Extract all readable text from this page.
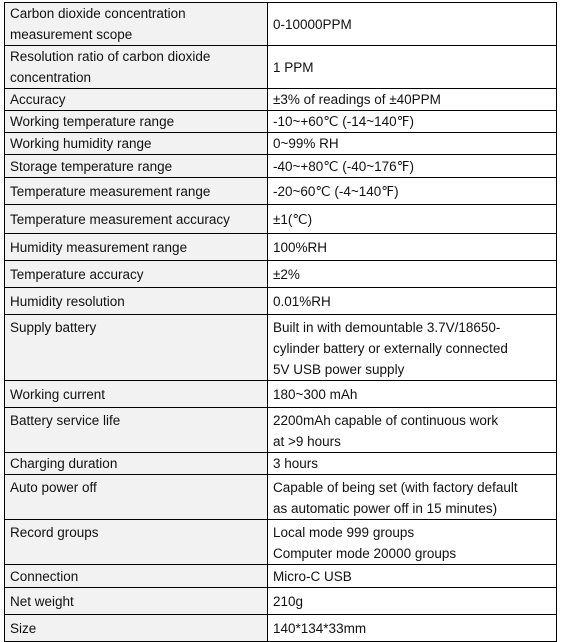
Carbon dioxide concentration
measurement scope	0-10000PPM

Resolution ratio of carbon dioxide
concentration	1 PPM

Accuracy	±3% of readings of ±40PPM

Working temperature range	-10~+60℃ (-14~140℉)

Working humidity range	0~99% RH

Storage temperature range	-40~+80℃ (-40~176℉)

Temperature measurement range	-20~60℃ (-4~140℉)

Temperature measurement accuracy	±1(℃)

Humidity measurement range	100%RH

Temperature accuracy	±2%

Humidity resolution	0.01%RH

Supply battery	Built in with demountable 3.7V/18650-
cylinder battery or externally connected
5V USB power supply

Working current	180~300 mAh

Battery service life	2200mAh capable of continuous work
at >9 hours

Charging duration	3 hours

Auto power off	Capable of being set (with factory default
as automatic power off in 15 minutes)

Record groups	Local mode 999 groups
Computer mode 20000 groups

Connection	Micro-C USB

Net weight	210g

Size	140*134*33mm
